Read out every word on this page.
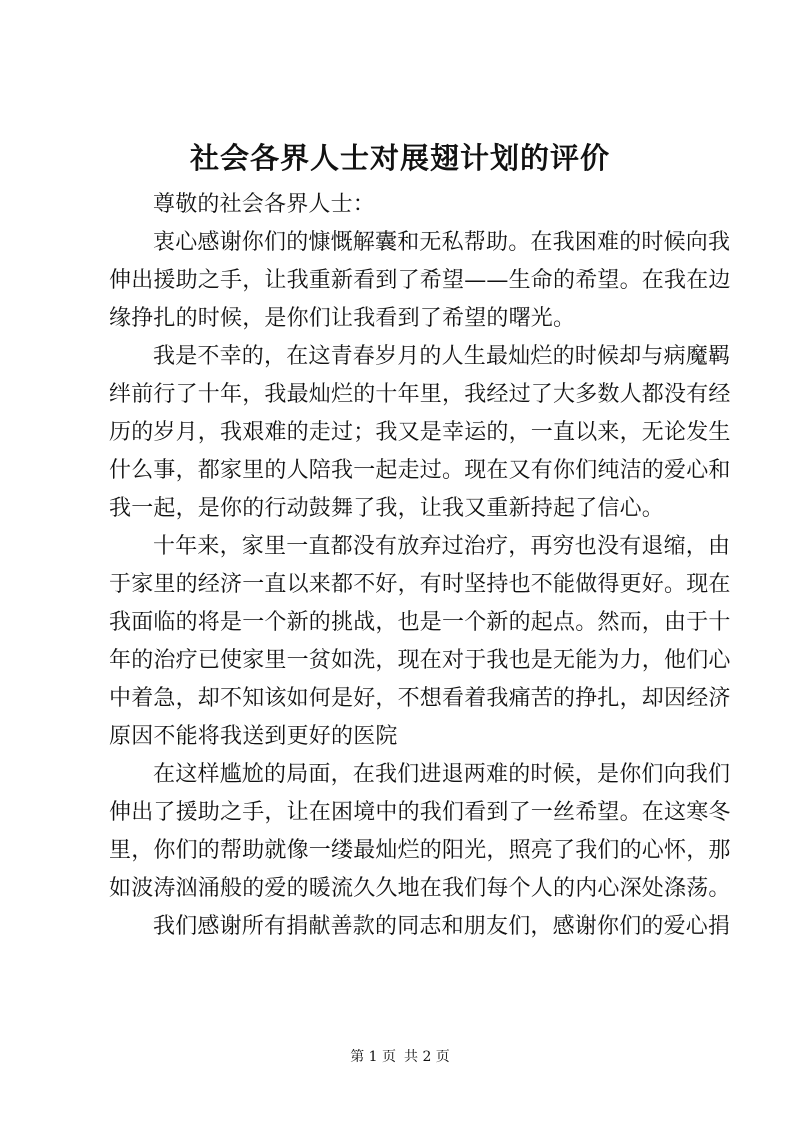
社会各界人士对展翅计划的评价
尊敬的社会各界人士：
衷心感谢你们的慷慨解囊和无私帮助。在我困难的时候向我
伸出援助之手，让我重新看到了希望——生命的希望。在我在边
缘挣扎的时候，是你们让我看到了希望的曙光。
我是不幸的，在这青春岁月的人生最灿烂的时候却与病魔羁
绊前行了十年，我最灿烂的十年里，我经过了大多数人都没有经
历的岁月，我艰难的走过；我又是幸运的，一直以来，无论发生
什么事，都家里的人陪我一起走过。现在又有你们纯洁的爱心和
我一起，是你的行动鼓舞了我，让我又重新持起了信心。
十年来，家里一直都没有放弃过治疗，再穷也没有退缩，由
于家里的经济一直以来都不好，有时坚持也不能做得更好。现在
我面临的将是一个新的挑战，也是一个新的起点。然而，由于十
年的治疗已使家里一贫如洗，现在对于我也是无能为力，他们心
中着急，却不知该如何是好，不想看着我痛苦的挣扎，却因经济
原因不能将我送到更好的医院
在这样尴尬的局面，在我们进退两难的时候，是你们向我们
伸出了援助之手，让在困境中的我们看到了一丝希望。在这寒冬
里，你们的帮助就像一缕最灿烂的阳光，照亮了我们的心怀，那
如波涛汹涌般的爱的暖流久久地在我们每个人的内心深处涤荡。
我们感谢所有捐献善款的同志和朋友们，感谢你们的爱心捐
第 1 页 共 2 页
